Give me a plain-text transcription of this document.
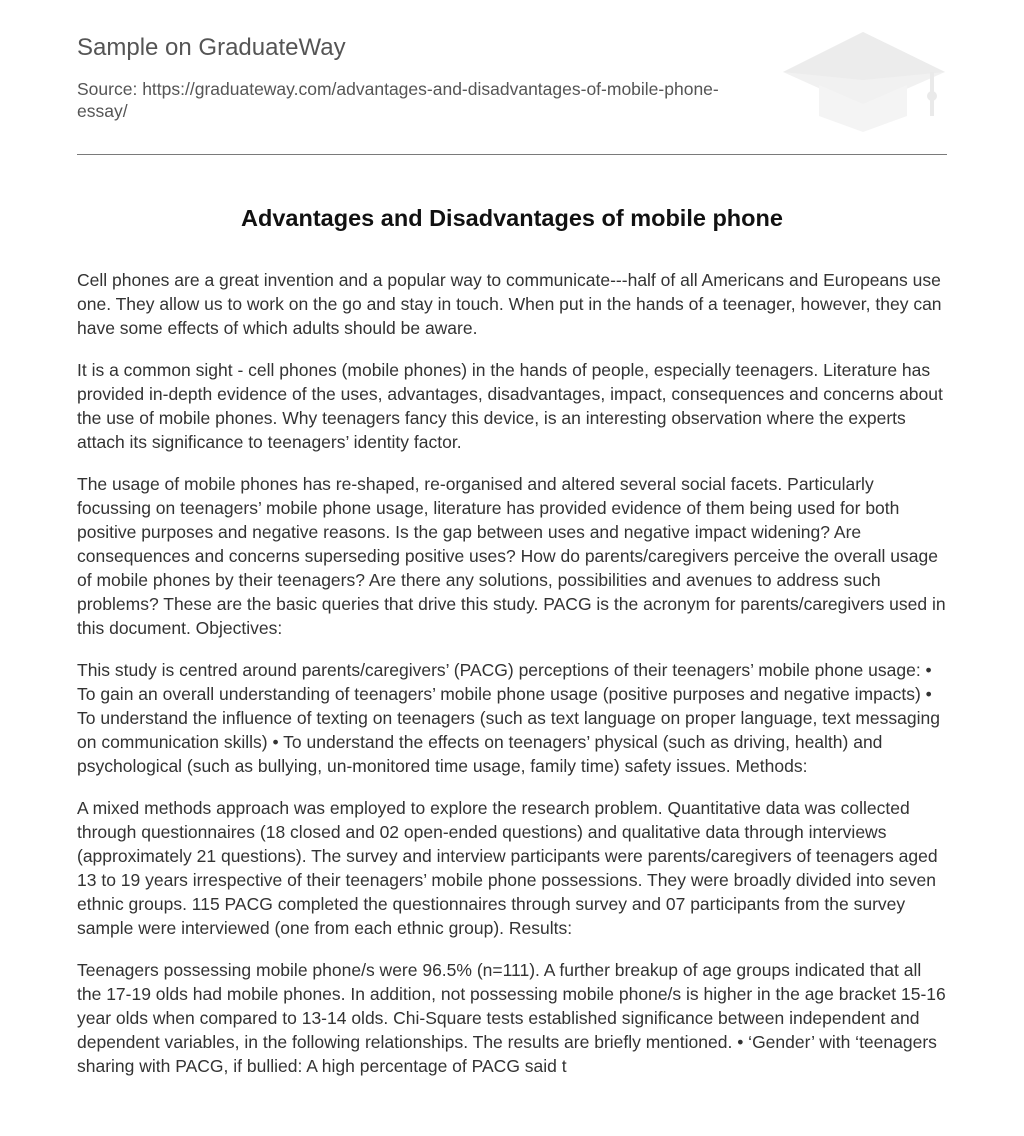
Sample on GraduateWay

Source: https://graduateway.com/advantages-and-disadvantages-of-mobile-phone-essay/

Advantages and Disadvantages of mobile phone

Cell phones are a great invention and a popular way to communicate---half of all Americans and Europeans use one. They allow us to work on the go and stay in touch. When put in the hands of a teenager, however, they can have some effects of which adults should be aware.

It is a common sight - cell phones (mobile phones) in the hands of people, especially teenagers. Literature has provided in-depth evidence of the uses, advantages, disadvantages, impact, consequences and concerns about the use of mobile phones. Why teenagers fancy this device, is an interesting observation where the experts attach its significance to teenagers’ identity factor.

The usage of mobile phones has re-shaped, re-organised and altered several social facets. Particularly focussing on teenagers’ mobile phone usage, literature has provided evidence of them being used for both positive purposes and negative reasons. Is the gap between uses and negative impact widening? Are consequences and concerns superseding positive uses? How do parents/caregivers perceive the overall usage of mobile phones by their teenagers? Are there any solutions, possibilities and avenues to address such problems? These are the basic queries that drive this study. PACG is the acronym for parents/caregivers used in this document. Objectives:

This study is centred around parents/caregivers’ (PACG) perceptions of their teenagers’ mobile phone usage: • To gain an overall understanding of teenagers’ mobile phone usage (positive purposes and negative impacts) • To understand the influence of texting on teenagers (such as text language on proper language, text messaging on communication skills) • To understand the effects on teenagers’ physical (such as driving, health) and psychological (such as bullying, un-monitored time usage, family time) safety issues. Methods:

A mixed methods approach was employed to explore the research problem. Quantitative data was collected through questionnaires (18 closed and 02 open-ended questions) and qualitative data through interviews (approximately 21 questions). The survey and interview participants were parents/caregivers of teenagers aged 13 to 19 years irrespective of their teenagers’ mobile phone possessions. They were broadly divided into seven ethnic groups. 115 PACG completed the questionnaires through survey and 07 participants from the survey sample were interviewed (one from each ethnic group). Results:

Teenagers possessing mobile phone/s were 96.5% (n=111). A further breakup of age groups indicated that all the 17-19 olds had mobile phones. In addition, not possessing mobile phone/s is higher in the age bracket 15-16 year olds when compared to 13-14 olds. Chi-Square tests established significance between independent and dependent variables, in the following relationships. The results are briefly mentioned. • ‘Gender’ with ‘teenagers sharing with PACG, if bullied: A high percentage of PACG said t
